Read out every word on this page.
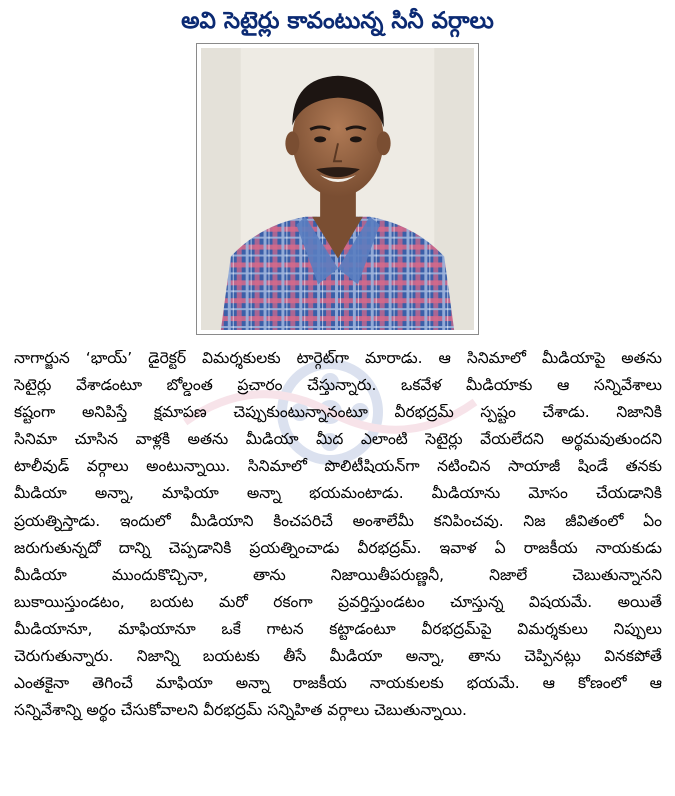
అవి సెటైర్లు కావంటున్న సినీ వర్గాలు
నాగార్జున ‘భాయ్’ డైరెక్టర్ విమర్శకులకు టార్గెట్‌గా మారాడు. ఆ సినిమాలో మీడియాపై అతను
సెటైర్లు వేశాడంటూ బోల్డంత ప్రచారం చేస్తున్నారు. ఒకవేళ మీడియాకు ఆ సన్నివేశాలు
కష్టంగా అనిపిస్తే క్షమాపణ చెప్పుకుంటున్నానంటూ వీరభద్రమ్ స్పష్టం చేశాడు. నిజానికి
సినిమా చూసిన వాళ్లకి అతను మీడియా మీద ఎలాంటి సెటైర్లు వేయలేదని అర్థమవుతుందని
టాలీవుడ్ వర్గాలు అంటున్నాయి. సినిమాలో పొలిటీషియన్‌గా నటించిన సాయాజీ షిండే తనకు
మీడియా అన్నా, మాఫియా అన్నా భయమంటాడు. మీడియాను మోసం చేయడానికి
ప్రయత్నిస్తాడు. ఇందులో మీడియాని కించపరిచే అంశాలేమీ కనిపించవు. నిజ జీవితంలో ఏం
జరుగుతున్నదో దాన్ని చెప్పడానికి ప్రయత్నించాడు వీరభద్రమ్. ఇవాళ ఏ రాజకీయ నాయకుడు
మీడియా ముందుకొచ్చినా, తాను నిజాయితీపరుణ్ణనీ, నిజాలే చెబుతున్నానని
బుకాయిస్తుండటం, బయట మరో రకంగా ప్రవర్తిస్తుండటం చూస్తున్న విషయమే. అయితే
మీడియానూ, మాఫియానూ ఒకే గాటన కట్టాడంటూ వీరభద్రమ్‌పై విమర్శకులు నిప్పులు
చెరుగుతున్నారు. నిజాన్ని బయటకు తీసే మీడియా అన్నా, తాను చెప్పినట్లు వినకపోతే
ఎంతకైనా తెగించే మాఫియా అన్నా రాజకీయ నాయకులకు భయమే. ఆ కోణంలో ఆ
సన్నివేశాన్ని అర్థం చేసుకోవాలని వీరభద్రమ్ సన్నిహిత వర్గాలు చెబుతున్నాయి.
